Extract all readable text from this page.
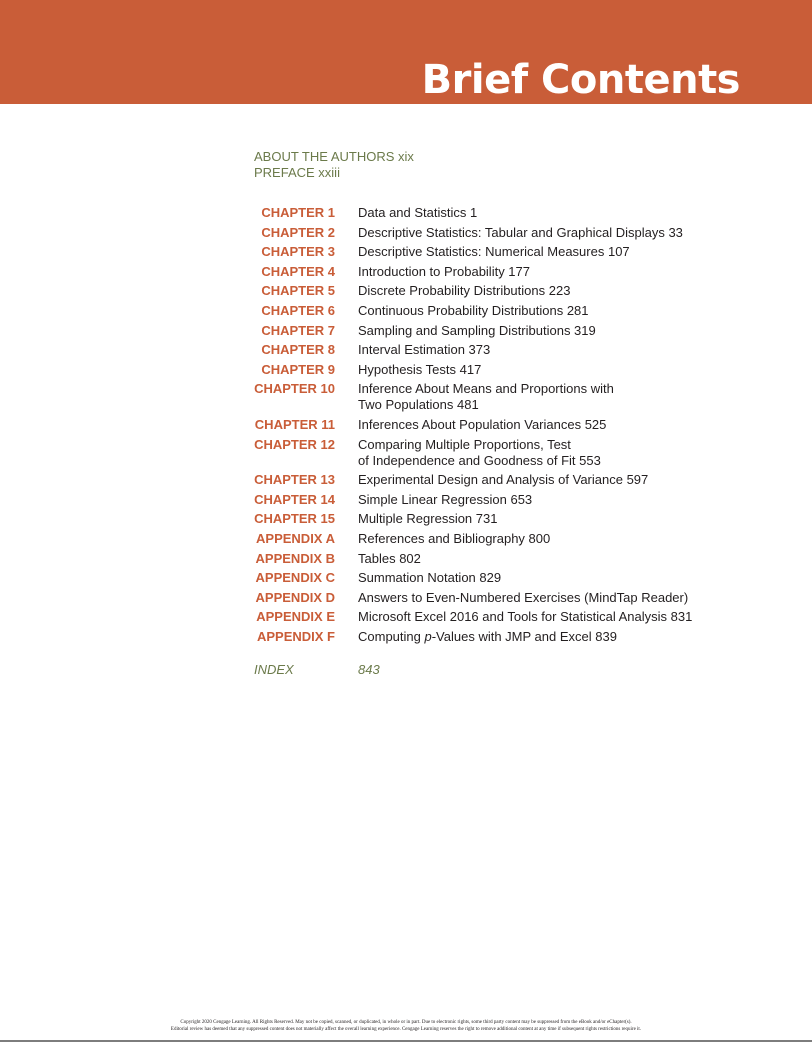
Brief Contents
ABOUT THE AUTHORS xix
PREFACE xxiii
CHAPTER 1 Data and Statistics 1
CHAPTER 2 Descriptive Statistics: Tabular and Graphical Displays 33
CHAPTER 3 Descriptive Statistics: Numerical Measures 107
CHAPTER 4 Introduction to Probability 177
CHAPTER 5 Discrete Probability Distributions 223
CHAPTER 6 Continuous Probability Distributions 281
CHAPTER 7 Sampling and Sampling Distributions 319
CHAPTER 8 Interval Estimation 373
CHAPTER 9 Hypothesis Tests 417
CHAPTER 10 Inference About Means and Proportions with
Two Populations 481
CHAPTER 11 Inferences About Population Variances 525
CHAPTER 12 Comparing Multiple Proportions, Test
of Independence and Goodness of Fit 553
CHAPTER 13 Experimental Design and Analysis of Variance 597
CHAPTER 14 Simple Linear Regression 653
CHAPTER 15 Multiple Regression 731
APPENDIX A References and Bibliography 800
APPENDIX B Tables 802
APPENDIX C Summation Notation 829
APPENDIX D Answers to Even-Numbered Exercises (MindTap Reader)
APPENDIX E Microsoft Excel 2016 and Tools for Statistical Analysis 831
APPENDIX F Computing p-Values with JMP and Excel 839
INDEX	843
Copyright 2020 Cengage Learning. All Rights Reserved. May not be copied, scanned, or duplicated, in whole or in part. Due to electronic rights, some third party content may be suppressed from the eBook and/or eChapter(s).
Editorial review has deemed that any suppressed content does not materially affect the overall learning experience. Cengage Learning reserves the right to remove additional content at any time if subsequent rights restrictions require it.
